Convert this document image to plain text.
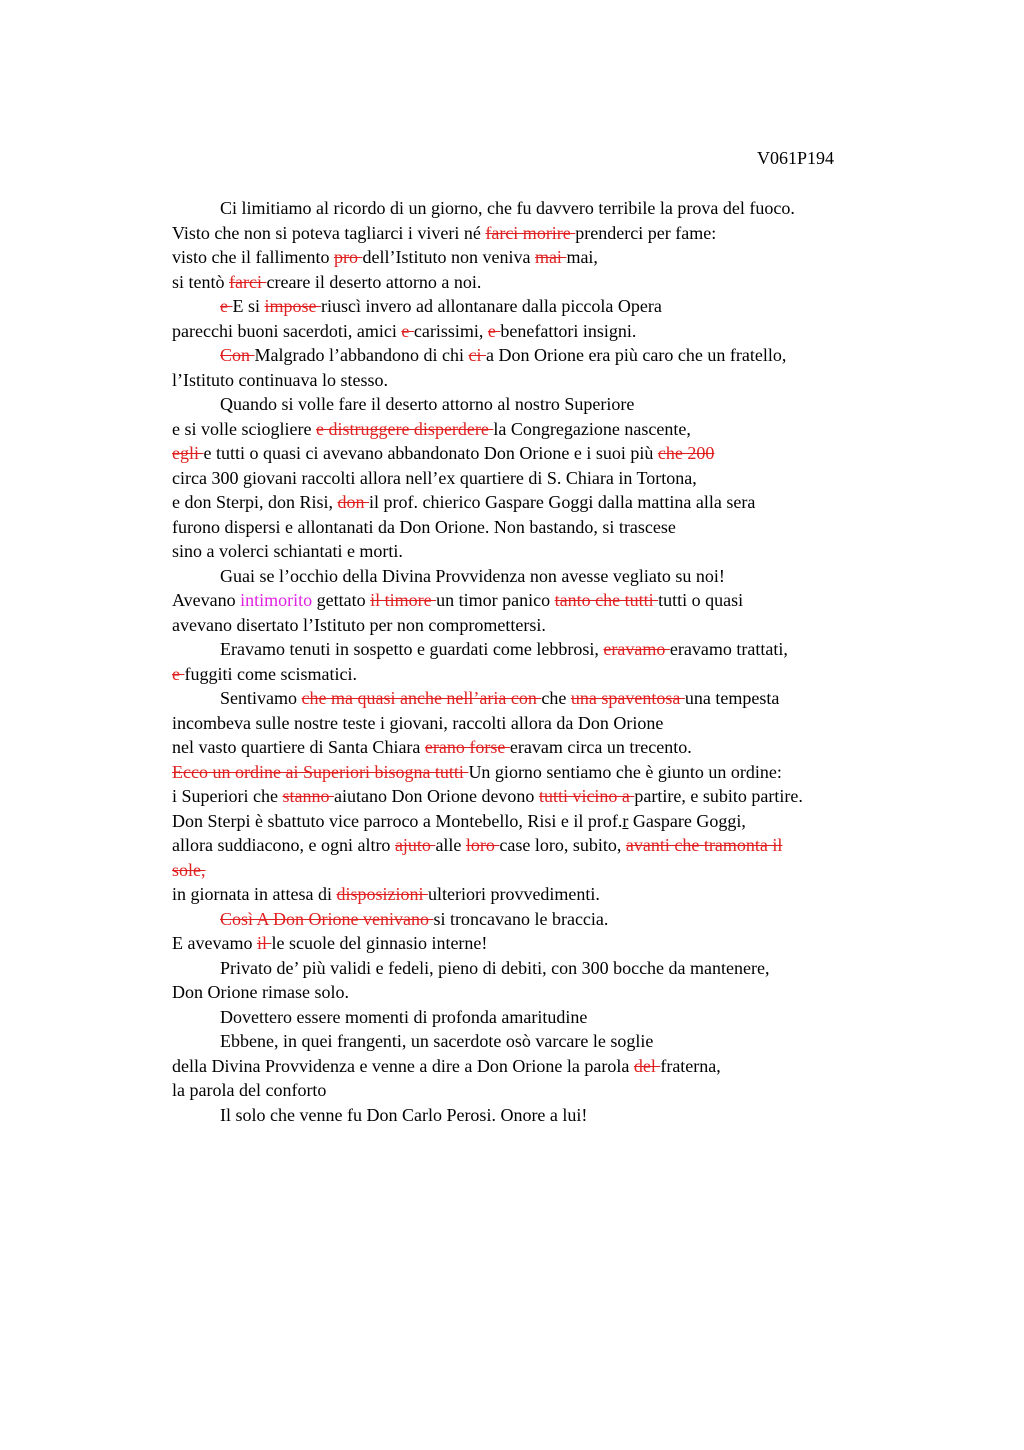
V061P194
Ci limitiamo al ricordo di un giorno, che fu davvero terribile la prova del fuoco.
Visto che non si poteva tagliarci i viveri né farci morire prenderci per fame:
visto che il fallimento pro dell’Istituto non veniva mai mai,
si tentò farci creare il deserto attorno a noi.
e E si impose riuscì invero ad allontanare dalla piccola Opera
parecchi buoni sacerdoti, amici e carissimi, e benefattori insigni.
Con Malgrado l’abbandono di chi ci a Don Orione era più caro che un fratello,
l’Istituto continuava lo stesso.
Quando si volle fare il deserto attorno al nostro Superiore
e si volle sciogliere e distruggere disperdere la Congregazione nascente,
egli e tutti o quasi ci avevano abbandonato Don Orione e i suoi più che 200
circa 300 giovani raccolti allora nell’ex quartiere di S. Chiara in Tortona,
e don Sterpi, don Risi, don il prof. chierico Gaspare Goggi dalla mattina alla sera
furono dispersi e allontanati da Don Orione. Non bastando, si trascese
sino a volerci schiantati e morti.
Guai se l’occhio della Divina Provvidenza non avesse vegliato su noi!
Avevano intimorito gettato il timore un timor panico tanto che tutti tutti o quasi
avevano disertato l’Istituto per non compromettersi.
Eravamo tenuti in sospetto e guardati come lebbrosi, eravamo eravamo trattati,
e fuggiti come scismatici.
Sentivamo che ma quasi anche nell’aria con che una spaventosa una tempesta
incombeva sulle nostre teste i giovani, raccolti allora da Don Orione
nel vasto quartiere di Santa Chiara erano forse eravam circa un trecento.
Ecco un ordine ai Superiori bisogna tutti Un giorno sentiamo che è giunto un ordine:
i Superiori che stanno aiutano Don Orione devono tutti vicino a partire, e subito partire.
Don Sterpi è sbattuto vice parroco a Montebello, Risi e il prof.r Gaspare Goggi,
allora suddiacono, e ogni altro ajuto alle loro case loro, subito, avanti che tramonta il
sole,
in giornata in attesa di disposizioni ulteriori provvedimenti.
Così A Don Orione venivano si troncavano le braccia.
E avevamo il le scuole del ginnasio interne!
Privato de’ più validi e fedeli, pieno di debiti, con 300 bocche da mantenere,
Don Orione rimase solo.
Dovettero essere momenti di profonda amaritudine
Ebbene, in quei frangenti, un sacerdote osò varcare le soglie
della Divina Provvidenza e venne a dire a Don Orione la parola del fraterna,
la parola del conforto
Il solo che venne fu Don Carlo Perosi. Onore a lui!
